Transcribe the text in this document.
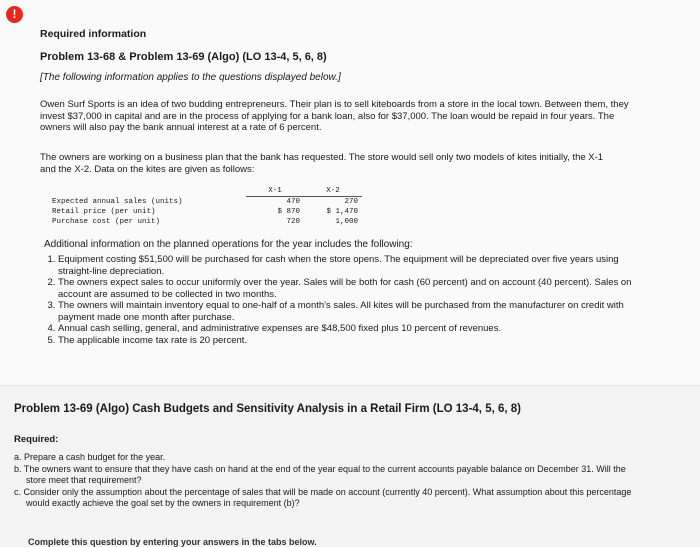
!
Required information
Problem 13-68 & Problem 13-69 (Algo) (LO 13-4, 5, 6, 8)
[The following information applies to the questions displayed below.]
Owen Surf Sports is an idea of two budding entrepreneurs. Their plan is to sell kiteboards from a store in the local town. Between them, they invest $37,000 in capital and are in the process of applying for a bank loan, also for $37,000. The loan would be repaid in four years. The owners will also pay the bank annual interest at a rate of 6 percent.
The owners are working on a business plan that the bank has requested. The store would sell only two models of kites initially, the X-1 and the X-2. Data on the kites are given as follows:
	X-1	X-2
Expected annual sales (units)	470	270
Retail price (per unit)	$ 870	$ 1,470
Purchase cost (per unit)	720	1,000
Additional information on the planned operations for the year includes the following:
1. Equipment costing $51,500 will be purchased for cash when the store opens. The equipment will be depreciated over five years using straight-line depreciation.
2. The owners expect sales to occur uniformly over the year. Sales will be both for cash (60 percent) and on account (40 percent). Sales on account are assumed to be collected in two months.
3. The owners will maintain inventory equal to one-half of a month's sales. All kites will be purchased from the manufacturer on credit with payment made one month after purchase.
4. Annual cash selling, general, and administrative expenses are $48,500 fixed plus 10 percent of revenues.
5. The applicable income tax rate is 20 percent.
Problem 13-69 (Algo) Cash Budgets and Sensitivity Analysis in a Retail Firm (LO 13-4, 5, 6, 8)
Required:
a. Prepare a cash budget for the year.
b. The owners want to ensure that they have cash on hand at the end of the year equal to the current accounts payable balance on December 31. Will the store meet that requirement?
c. Consider only the assumption about the percentage of sales that will be made on account (currently 40 percent). What assumption about this percentage would exactly achieve the goal set by the owners in requirement (b)?
Complete this question by entering your answers in the tabs below.
